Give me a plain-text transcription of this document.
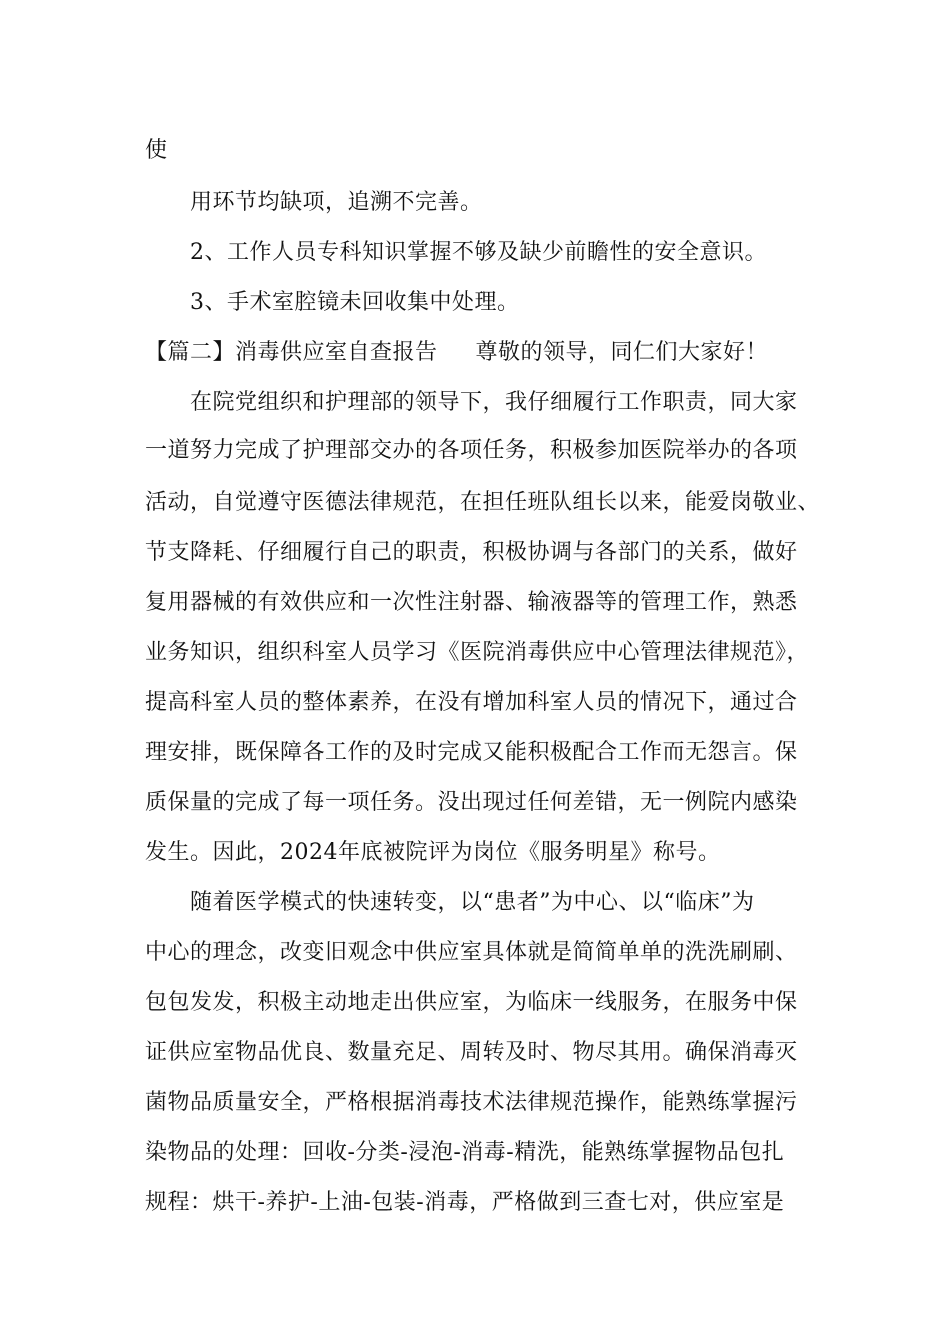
使
用环节均缺项，追溯不完善。
2、工作人员专科知识掌握不够及缺少前瞻性的安全意识。
3、手术室腔镜未回收集中处理。
【篇二】消毒供应室自查报告 尊敬的领导，同仁们大家好！
在院党组织和护理部的领导下，我仔细履行工作职责，同大家
一道努力完成了护理部交办的各项任务，积极参加医院举办的各项
活动，自觉遵守医德法律规范，在担任班队组长以来，能爱岗敬业、
节支降耗、仔细履行自己的职责，积极协调与各部门的关系，做好
复用器械的有效供应和一次性注射器、输液器等的管理工作，熟悉
业务知识，组织科室人员学习《医院消毒供应中心管理法律规范》，
提高科室人员的整体素养，在没有增加科室人员的情况下，通过合
理安排，既保障各工作的及时完成又能积极配合工作而无怨言。保
质保量的完成了每一项任务。没出现过任何差错，无一例院内感染
发生。因此，2024年底被院评为岗位《服务明星》称号。
随着医学模式的快速转变，以“患者”为中心、以“临床”为
中心的理念，改变旧观念中供应室具体就是简简单单的洗洗刷刷、
包包发发，积极主动地走出供应室，为临床一线服务，在服务中保
证供应室物品优良、数量充足、周转及时、物尽其用。确保消毒灭
菌物品质量安全，严格根据消毒技术法律规范操作，能熟练掌握污
染物品的处理：回收-分类-浸泡-消毒-精洗，能熟练掌握物品包扎
规程：烘干-养护-上油-包装-消毒，严格做到三查七对，供应室是
